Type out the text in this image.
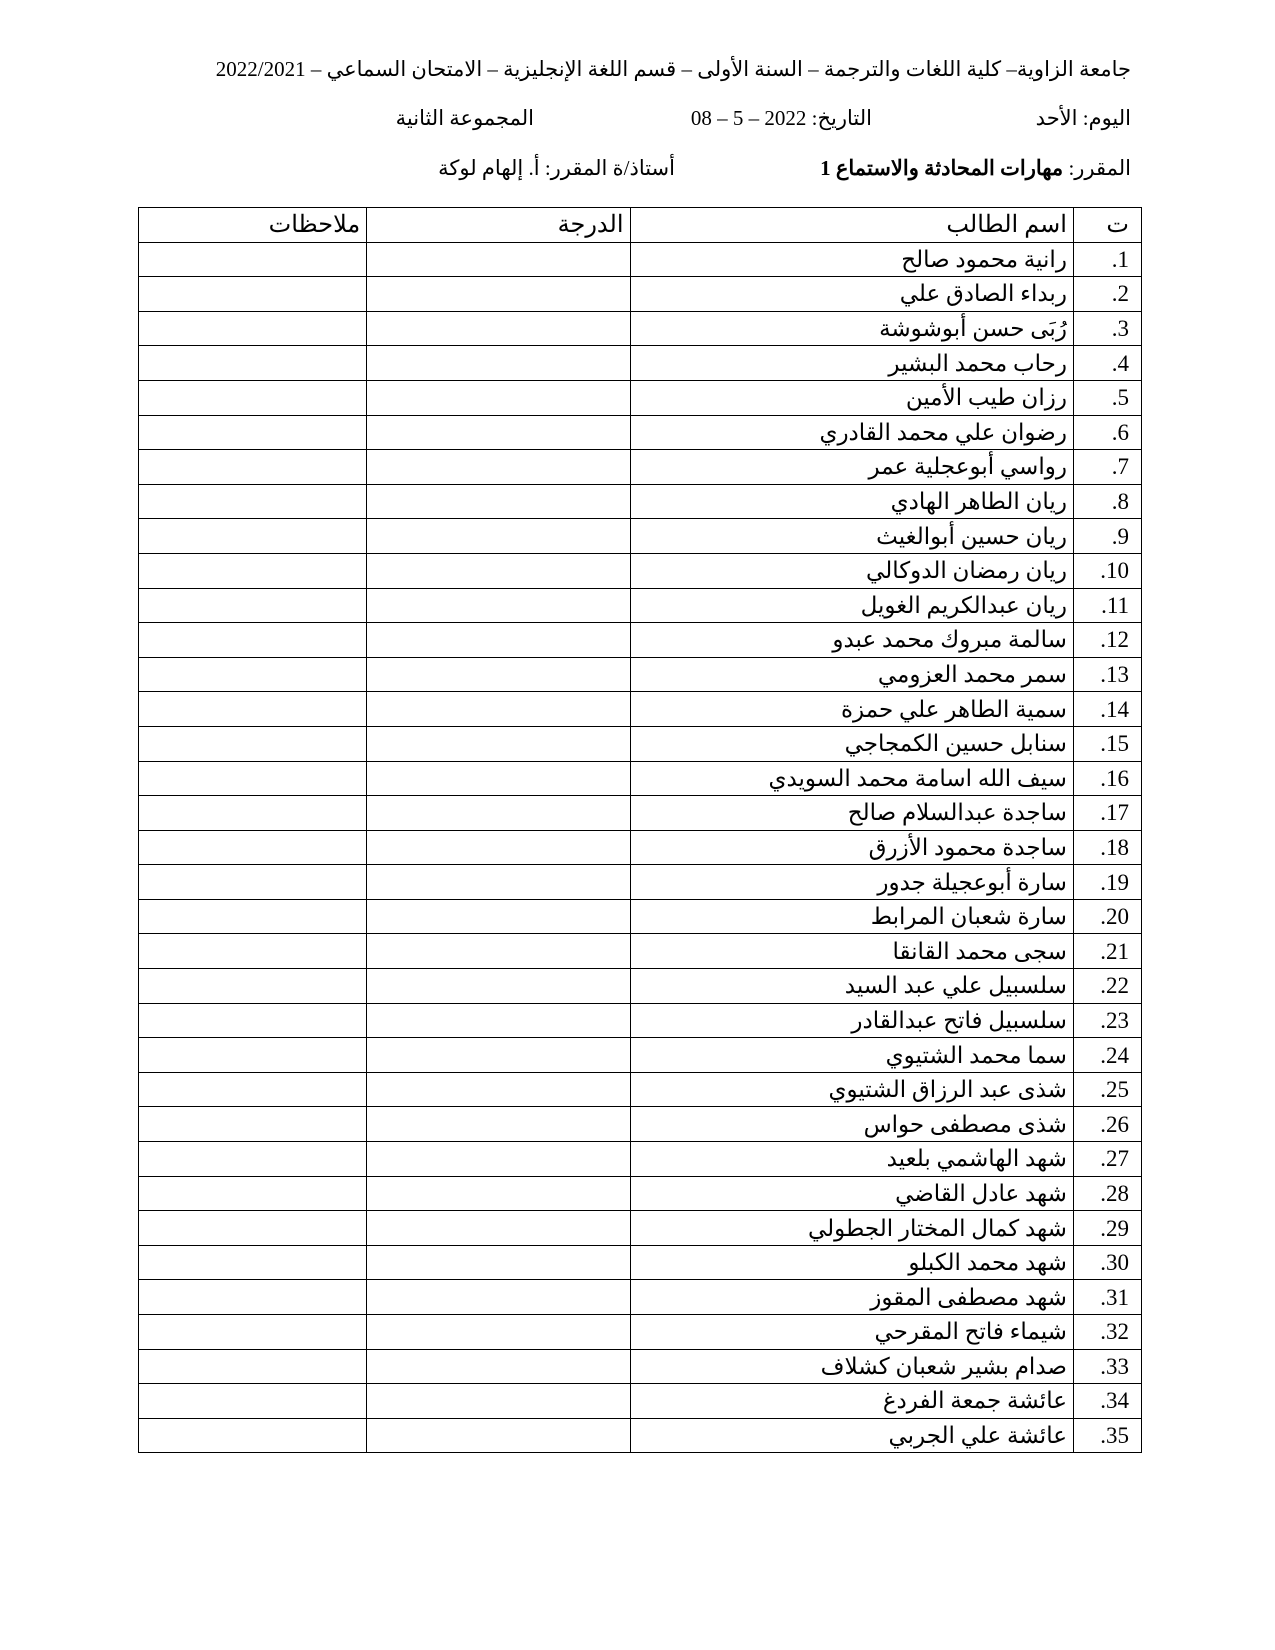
جامعة الزاوية– كلية اللغات والترجمة – السنة الأولى – قسم اللغة الإنجليزية – الامتحان السماعي – 2022/2021
اليوم: الأحد
التاريخ: 08 – 5 – 2022
المجموعة الثانية
المقرر: مهارات المحادثة والاستماع 1
أستاذ/ة المقرر: أ. إلهام لوكة
ت	اسم الطالب	الدرجة	ملاحظات
1.	رانية محمود صالح		
2.	ربداء الصادق علي		
3.	رُبَى حسن أبوشوشة		
4.	رحاب محمد البشير		
5.	رزان طيب الأمين		
6.	رضوان علي محمد القادري		
7.	رواسي أبوعجلية عمر		
8.	ريان الطاهر الهادي		
9.	ريان حسين أبوالغيث		
10.	ريان رمضان الدوكالي		
11.	ريان عبدالكريم الغويل		
12.	سالمة مبروك محمد عبدو		
13.	سمر محمد العزومي		
14.	سمية الطاهر علي حمزة		
15.	سنابل حسين الكمجاجي		
16.	سيف الله اسامة محمد السويدي		
17.	ساجدة عبدالسلام صالح		
18.	ساجدة محمود الأزرق		
19.	سارة أبوعجيلة جدور		
20.	سارة شعبان المرابط		
21.	سجى محمد القانقا		
22.	سلسبيل علي عبد السيد		
23.	سلسبيل فاتح عبدالقادر		
24.	سما محمد الشتيوي		
25.	شذى عبد الرزاق الشتيوي		
26.	شذى مصطفى حواس		
27.	شهد الهاشمي بلعيد		
28.	شهد عادل القاضي		
29.	شهد كمال المختار الجطولي		
30.	شهد محمد الكبلو		
31.	شهد مصطفى المقوز		
32.	شيماء فاتح المقرحي		
33.	صدام بشير شعبان كشلاف		
34.	عائشة جمعة الفردغ		
35.	عائشة علي الجربي		
